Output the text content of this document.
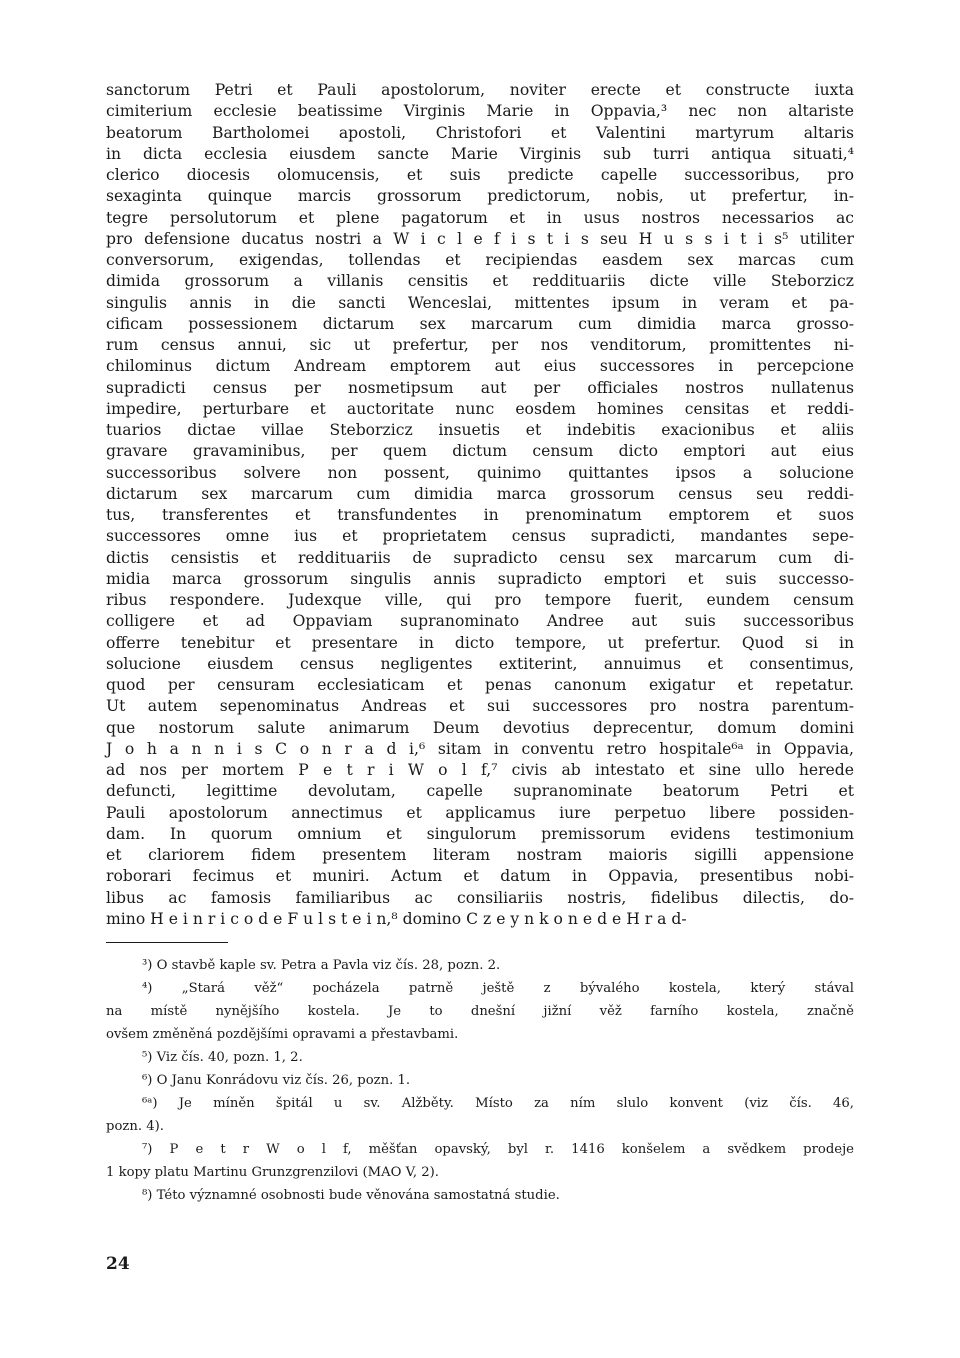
sanctorum Petri et Pauli apostolorum, noviter erecte et constructe iuxta
cimiterium ecclesie beatissime Virginis Marie in Oppavia,³ nec non altariste
beatorum Bartholomei apostoli, Christofori et Valentini martyrum altaris
in dicta ecclesia eiusdem sancte Marie Virginis sub turri antiqua situati,⁴
clerico diocesis olomucensis, et suis predicte capelle successoribus, pro
sexaginta quinque marcis grossorum predictorum, nobis, ut prefertur, in-
tegre persolutorum et plene pagatorum et in usus nostros necessarios ac
pro defensione ducatus nostri a W i c l e f i s t i s seu H u s s i t i s⁵ utiliter
conversorum, exigendas, tollendas et recipiendas easdem sex marcas cum
dimida grossorum a villanis censitis et reddituariis dicte ville Steborzicz
singulis annis in die sancti Wenceslai, mittentes ipsum in veram et pa-
cificam possessionem dictarum sex marcarum cum dimidia marca grosso-
rum census annui, sic ut prefertur, per nos venditorum, promittentes ni-
chilominus dictum Andream emptorem aut eius successores in percepcione
supradicti census per nosmetipsum aut per officiales nostros nullatenus
impedire, perturbare et auctoritate nunc eosdem homines censitas et reddi-
tuarios dictae villae Steborzicz insuetis et indebitis exacionibus et aliis
gravare gravaminibus, per quem dictum censum dicto emptori aut eius
successoribus solvere non possent, quinimo quittantes ipsos a solucione
dictarum sex marcarum cum dimidia marca grossorum census seu reddi-
tus, transferentes et transfundentes in prenominatum emptorem et suos
successores omne ius et proprietatem census supradicti, mandantes sepe-
dictis censistis et reddituariis de supradicto censu sex marcarum cum di-
midia marca grossorum singulis annis supradicto emptori et suis successo-
ribus respondere. Judexque ville, qui pro tempore fuerit, eundem censum
colligere et ad Oppaviam supranominato Andree aut suis successoribus
offerre tenebitur et presentare in dicto tempore, ut prefertur. Quod si in
solucione eiusdem census negligentes extiterint, annuimus et consentimus,
quod per censuram ecclesiaticam et penas canonum exigatur et repetatur.
Ut autem sepenominatus Andreas et sui successores pro nostra parentum-
que nostorum salute animarum Deum devotius deprecentur, domum domini
J o h a n n i s C o n r a d i,⁶ sitam in conventu retro hospitale⁶ᵃ in Oppavia,
ad nos per mortem P e t r i W o l f,⁷ civis ab intestato et sine ullo herede
defuncti, legittime devolutam, capelle supranominate beatorum Petri et
Pauli apostolorum annectimus et applicamus iure perpetuo libere possiden-
dam. In quorum omnium et singulorum premissorum evidens testimonium
et clariorem fidem presentem literam nostram maioris sigilli appensione
roborari fecimus et muniri. Actum et datum in Oppavia, presentibus nobi-
libus ac famosis familiaribus ac consiliariis nostris, fidelibus dilectis, do-
mino H e i n r i c o d e F u l s t e i n,⁸ domino C z e y n k o n e d e H r a d-
³) O stavbě kaple sv. Petra a Pavla viz čís. 28, pozn. 2.
⁴) „Stará věž“ pocházela patrně ještě z bývalého kostela, který stával
na místě nynějšího kostela. Je to dnešní jižní věž farního kostela, značně
ovšem změněná pozdějšími opravami a přestavbami.
⁵) Viz čís. 40, pozn. 1, 2.
⁶) O Janu Konrádovu viz čís. 26, pozn. 1.
⁶ᵃ) Je míněn špitál u sv. Alžběty. Místo za ním slulo konvent (viz čís. 46,
pozn. 4).
⁷) P e t r W o l f, měšťan opavský, byl r. 1416 konšelem a svědkem prodeje
1 kopy platu Martinu Grunzgrenzilovi (MAO V, 2).
⁸) Této významné osobnosti bude věnována samostatná studie.
24
